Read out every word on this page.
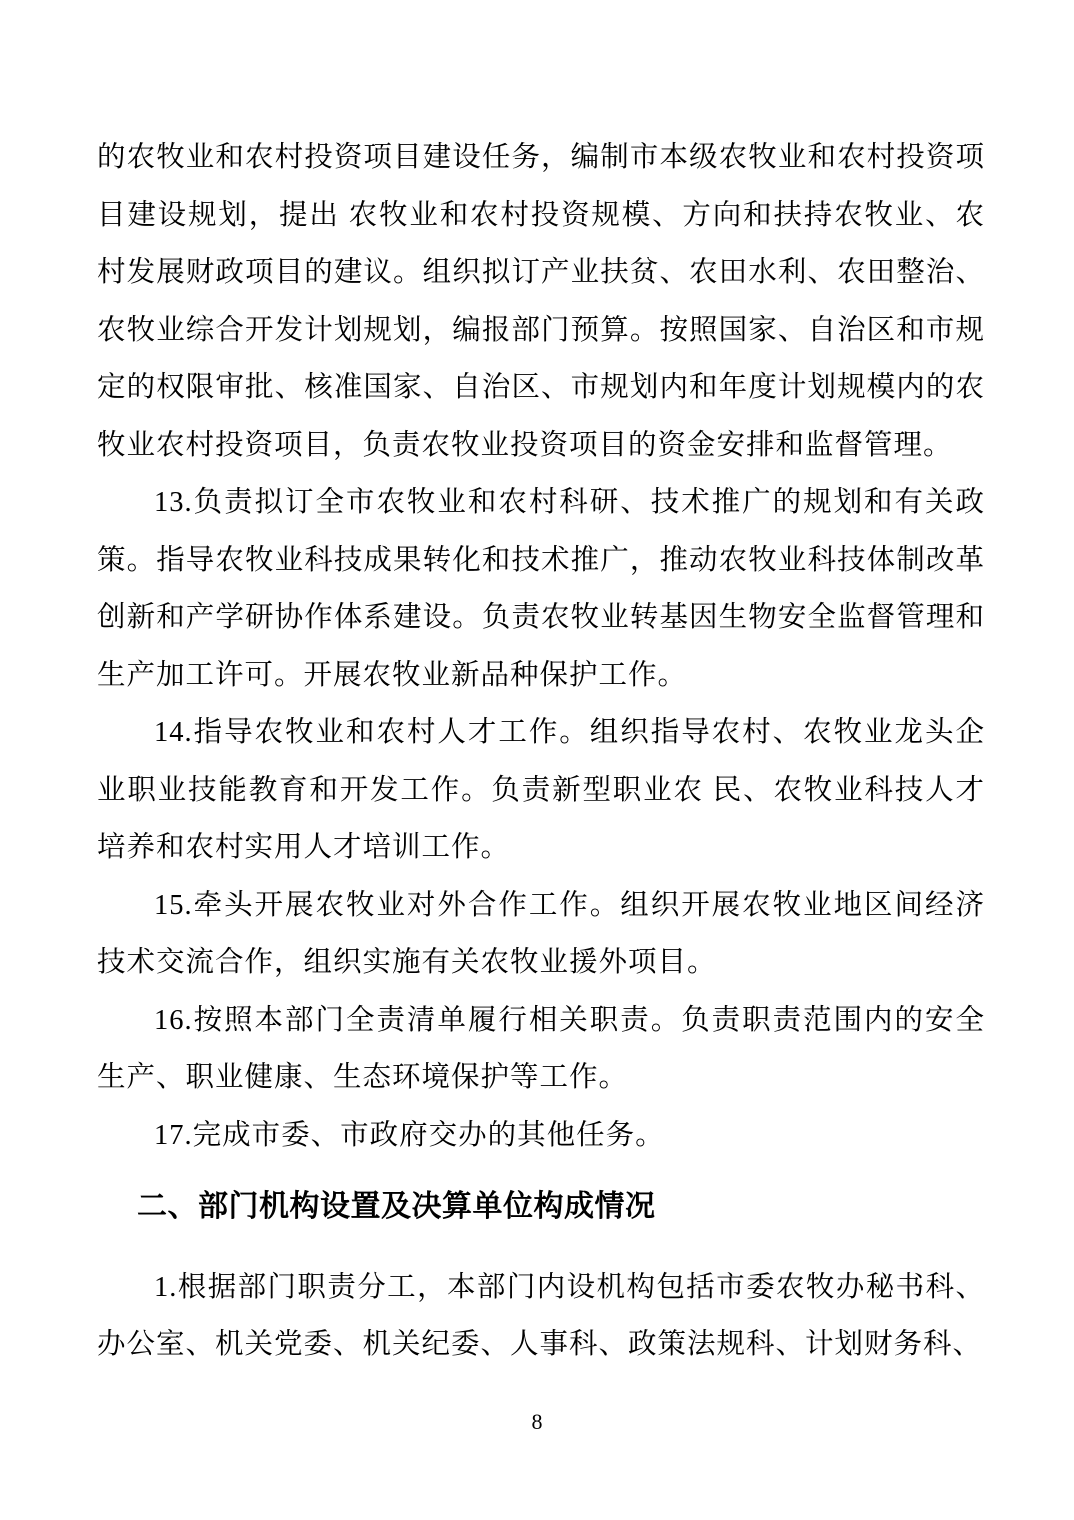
的农牧业和农村投资项目建设任务，编制市本级农牧业和农村投资项目建设规划，提出 农牧业和农村投资规模、方向和扶持农牧业、农村发展财政项目的建议。组织拟订产业扶贫、农田水利、农田整治、农牧业综合开发计划规划，编报部门预算。按照国家、自治区和市规定的权限审批、核准国家、自治区、市规划内和年度计划规模内的农牧业农村投资项目，负责农牧业投资项目的资金安排和监督管理。

13.负责拟订全市农牧业和农村科研、技术推广的规划和有关政策。指导农牧业科技成果转化和技术推广，推动农牧业科技体制改革创新和产学研协作体系建设。负责农牧业转基因生物安全监督管理和生产加工许可。开展农牧业新品种保护工作。

14.指导农牧业和农村人才工作。组织指导农村、农牧业龙头企业职业技能教育和开发工作。负责新型职业农 民、农牧业科技人才培养和农村实用人才培训工作。

15.牵头开展农牧业对外合作工作。组织开展农牧业地区间经济技术交流合作，组织实施有关农牧业援外项目。

16.按照本部门全责清单履行相关职责。负责职责范围内的安全生产、职业健康、生态环境保护等工作。

17.完成市委、市政府交办的其他任务。

二、部门机构设置及决算单位构成情况

1.根据部门职责分工，本部门内设机构包括市委农牧办秘书科、办公室、机关党委、机关纪委、人事科、政策法规科、计划财务科、

8
